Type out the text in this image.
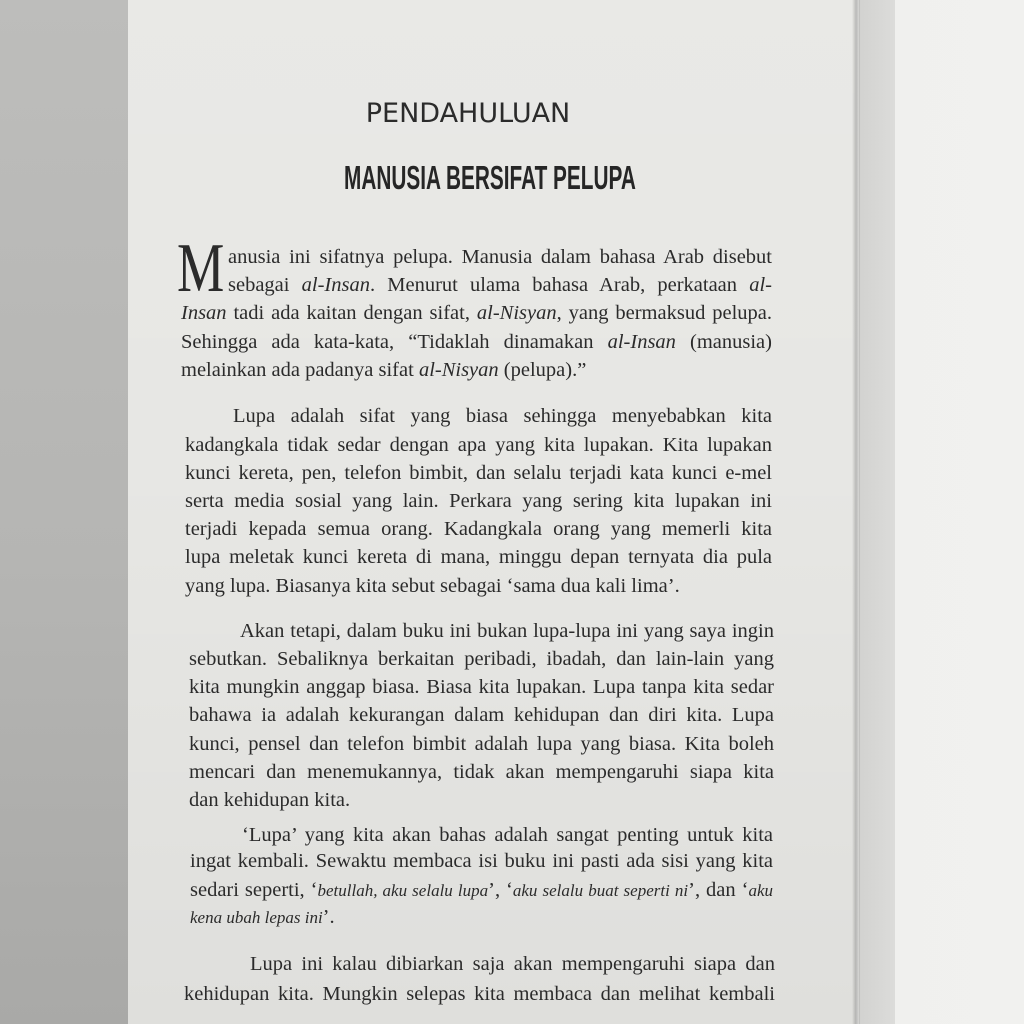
PENDAHULUAN
MANUSIA BERSIFAT PELUPA
M anusia ini sifatnya pelupa. Manusia dalam bahasa Arab disebut
sebagai al-Insan. Menurut ulama bahasa Arab, perkataan al-
Insan tadi ada kaitan dengan sifat, al-Nisyan, yang bermaksud pelupa.
Sehingga ada kata-kata, “Tidaklah dinamakan al-Insan (manusia)
melainkan ada padanya sifat al-Nisyan (pelupa).”
Lupa adalah sifat yang biasa sehingga menyebabkan kita
kadangkala tidak sedar dengan apa yang kita lupakan. Kita lupakan
kunci kereta, pen, telefon bimbit, dan selalu terjadi kata kunci e-mel
serta media sosial yang lain. Perkara yang sering kita lupakan ini
terjadi kepada semua orang. Kadangkala orang yang memerli kita
lupa meletak kunci kereta di mana, minggu depan ternyata dia pula
yang lupa. Biasanya kita sebut sebagai ‘sama dua kali lima’.
Akan tetapi, dalam buku ini bukan lupa-lupa ini yang saya ingin
sebutkan. Sebaliknya berkaitan peribadi, ibadah, dan lain-lain yang
kita mungkin anggap biasa. Biasa kita lupakan. Lupa tanpa kita sedar
bahawa ia adalah kekurangan dalam kehidupan dan diri kita. Lupa
kunci, pensel dan telefon bimbit adalah lupa yang biasa. Kita boleh
mencari dan menemukannya, tidak akan mempengaruhi siapa kita
dan kehidupan kita.
‘Lupa’ yang kita akan bahas adalah sangat penting untuk kita
ingat kembali. Sewaktu membaca isi buku ini pasti ada sisi yang kita
sedari seperti, ‘betullah, aku selalu lupa’, ‘aku selalu buat seperti ni’, dan ‘aku
kena ubah lepas ini’.
Lupa ini kalau dibiarkan saja akan mempengaruhi siapa dan
kehidupan kita. Mungkin selepas kita membaca dan melihat kembali
